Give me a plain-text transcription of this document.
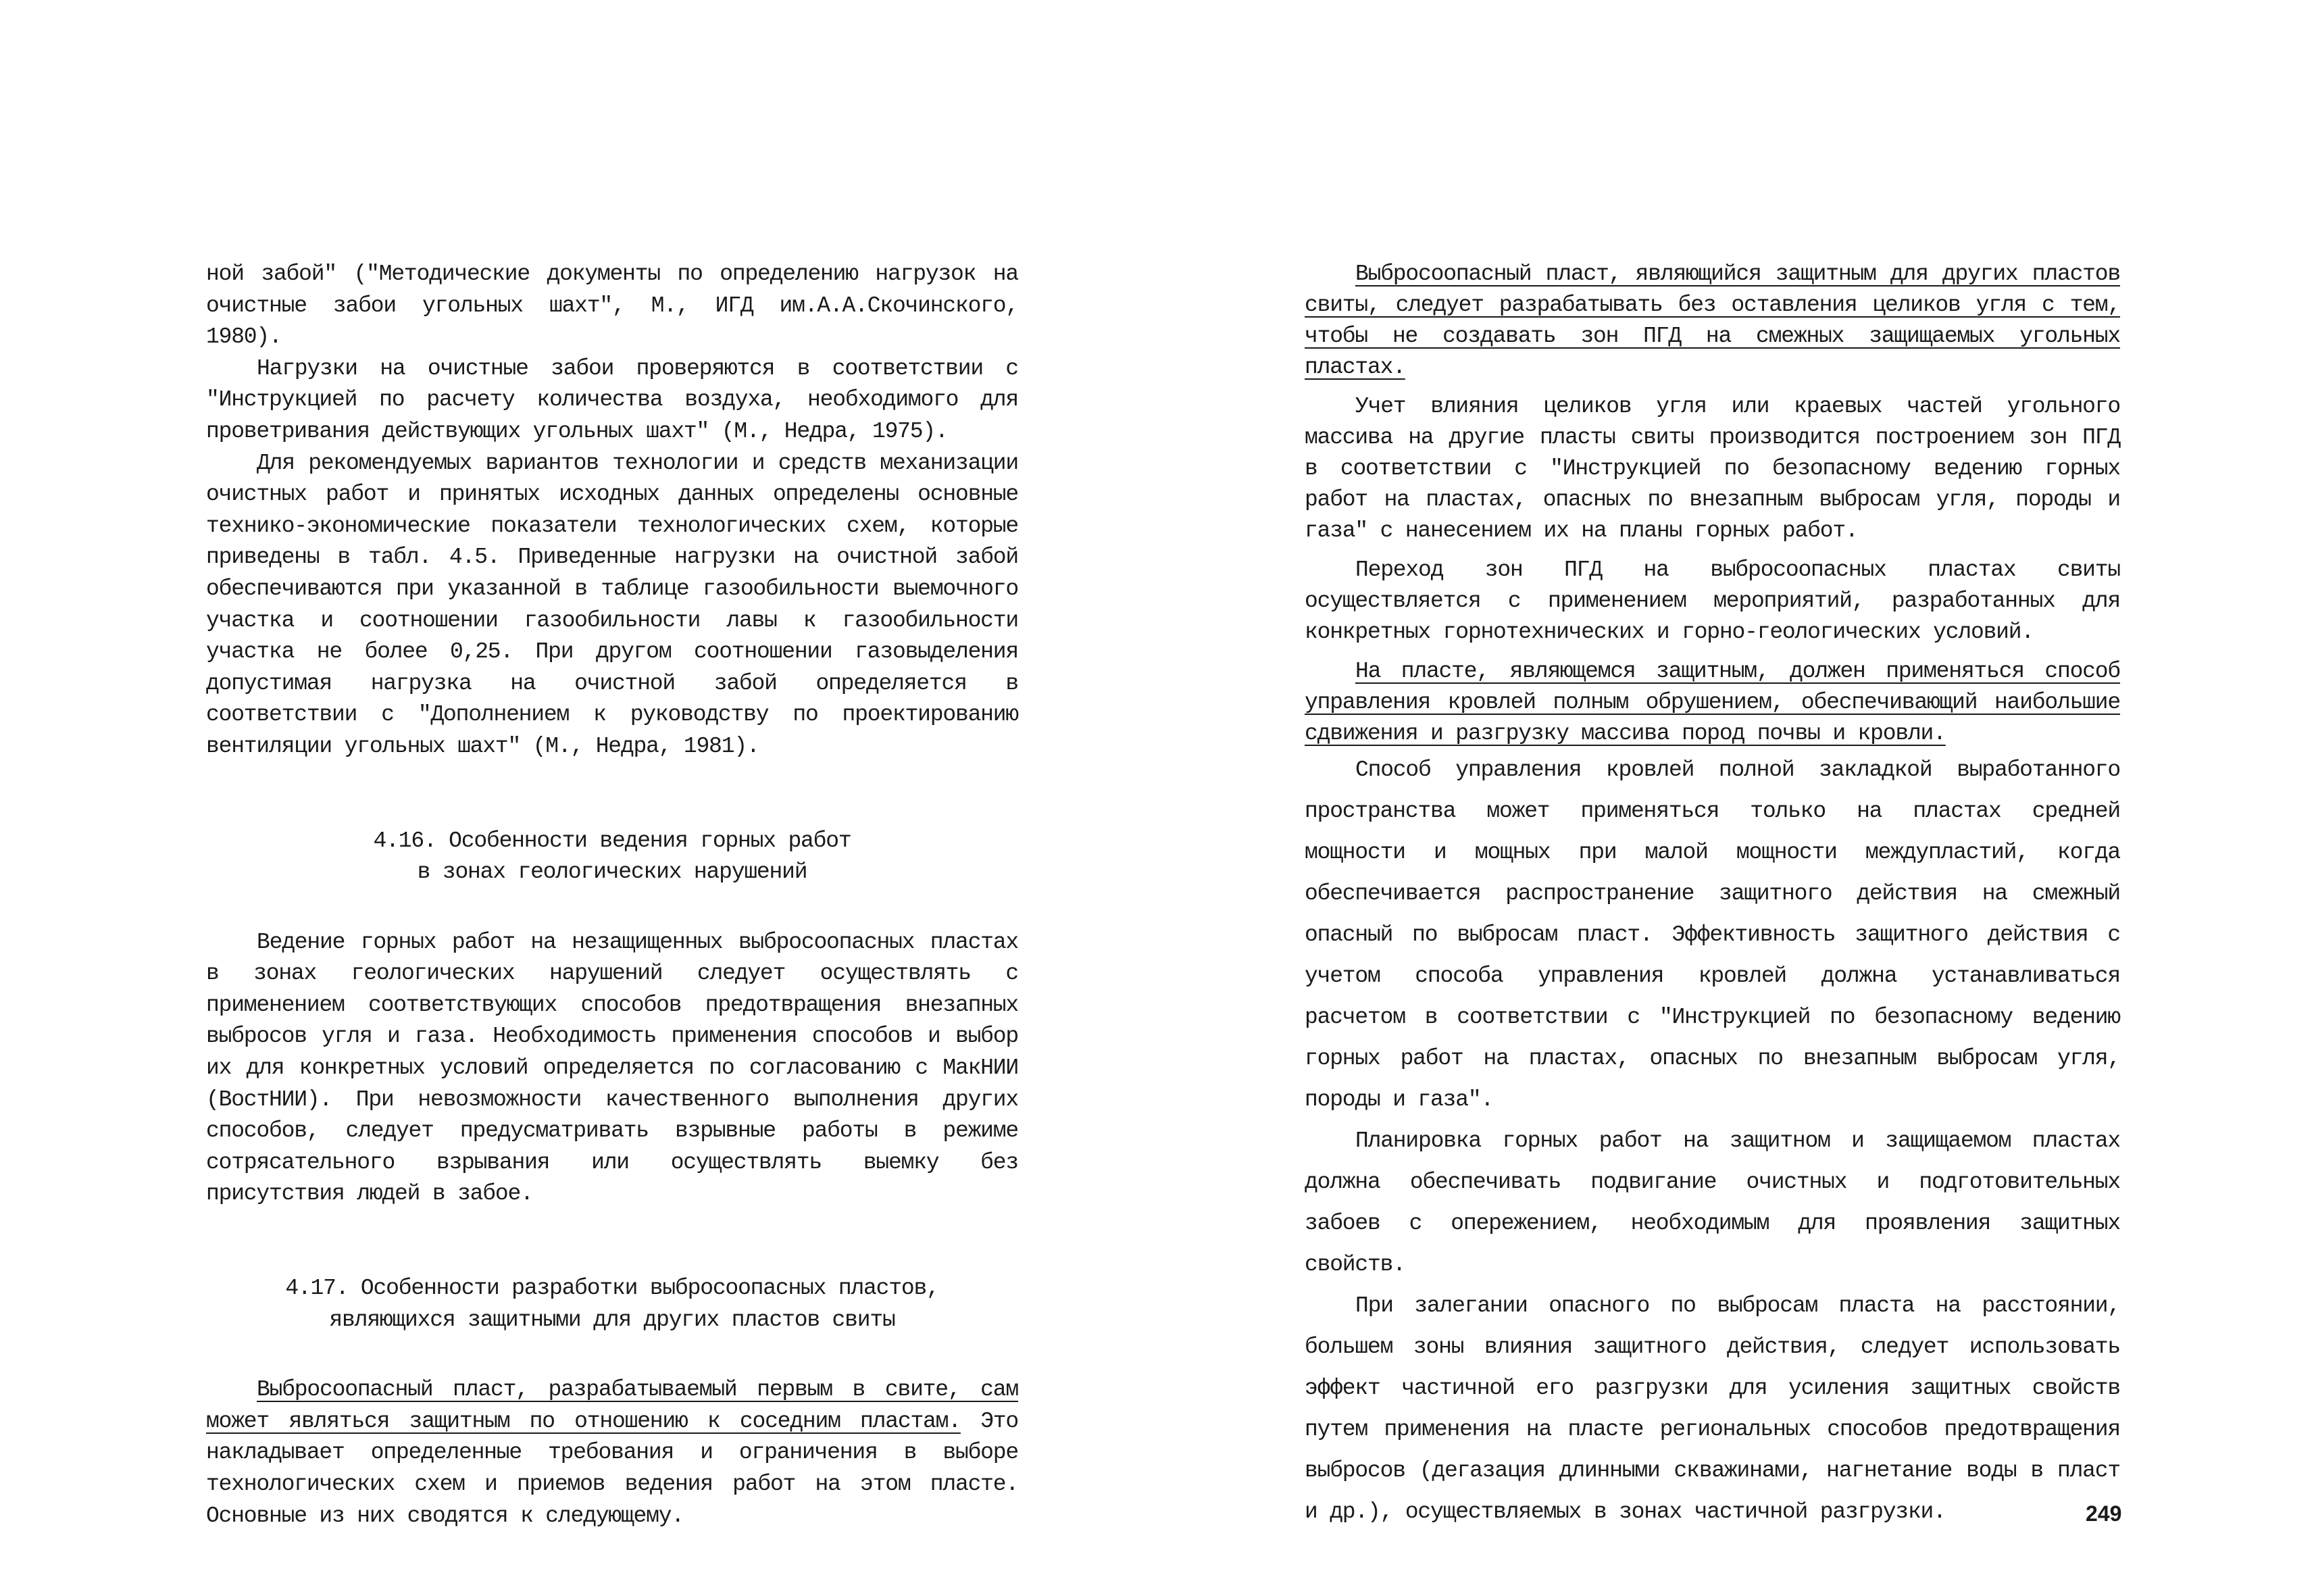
ной забой" ("Методические документы по определению нагрузок на очистные забои угольных шахт", М., ИГД им.А.А.Скочинского, 1980).

Нагрузки на очистные забои проверяются в соответствии с "Инструкцией по расчету количества воздуха, необходимого для проветривания действующих угольных шахт" (М., Недра, 1975).

Для рекомендуемых вариантов технологии и средств механизации очистных работ и принятых исходных данных определены основные технико-экономические показатели технологических схем, которые приведены в табл. 4.5. Приведенные нагрузки на очистной забой обеспечиваются при указанной в таблице газообильности выемочного участка и соотношении газообильности лавы к газообильности участка не более 0,25. При другом соотношении газовыделения допустимая нагрузка на очистной забой определяется в соответствии с "Дополнением к руководству по проектированию вентиляции угольных шахт" (М., Недра, 1981).

4.16. Особенности ведения горных работ
в зонах геологических нарушений

Ведение горных работ на незащищенных выбросоопасных пластах в зонах геологических нарушений следует осуществлять с применением соответствующих способов предотвращения внезапных выбросов угля и газа. Необходимость применения способов и выбор их для конкретных условий определяется по согласованию с МакНИИ (ВостНИИ). При невозможности качественного выполнения других способов, следует предусматривать взрывные работы в режиме сотрясательного взрывания или осуществлять выемку без присутствия людей в забое.

4.17. Особенности разработки выбросоопасных пластов,
являющихся защитными для других пластов свиты

Выбросоопасный пласт, разрабатываемый первым в свите, сам может являться защитным по отношению к соседним пластам. Это накладывает определенные требования и ограничения в выборе технологических схем и приемов ведения работ на этом пласте. Основные из них сводятся к следующему.

Выбросоопасный пласт, являющийся защитным для других пластов свиты, следует разрабатывать без оставления целиков угля с тем, чтобы не создавать зон ПГД на смежных защищаемых угольных пластах.

Учет влияния целиков угля или краевых частей угольного массива на другие пласты свиты производится построением зон ПГД в соответствии с "Инструкцией по безопасному ведению горных работ на пластах, опасных по внезапным выбросам угля, породы и газа" с нанесением их на планы горных работ.

Переход зон ПГД на выбросоопасных пластах свиты осуществляется с применением мероприятий, разработанных для конкретных горнотехнических и горно-геологических условий.

На пласте, являющемся защитным, должен применяться способ управления кровлей полным обрушением, обеспечивающий наибольшие сдвижения и разгрузку массива пород почвы и кровли.

Способ управления кровлей полной закладкой выработанного пространства может применяться только на пластах средней мощности и мощных при малой мощности междупластий, когда обеспечивается распространение защитного действия на смежный опасный по выбросам пласт. Эффективность защитного действия с учетом способа управления кровлей должна устанавливаться расчетом в соответствии с "Инструкцией по безопасному ведению горных работ на пластах, опасных по внезапным выбросам угля, породы и газа".

Планировка горных работ на защитном и защищаемом пластах должна обеспечивать подвигание очистных и подготовительных забоев с опережением, необходимым для проявления защитных свойств.

При залегании опасного по выбросам пласта на расстоянии, большем зоны влияния защитного действия, следует использовать эффект частичной его разгрузки для усиления защитных свойств путем применения на пласте региональных способов предотвращения выбросов (дегазация длинными скважинами, нагнетание воды в пласт и др.), осуществляемых в зонах частичной разгрузки.	249
